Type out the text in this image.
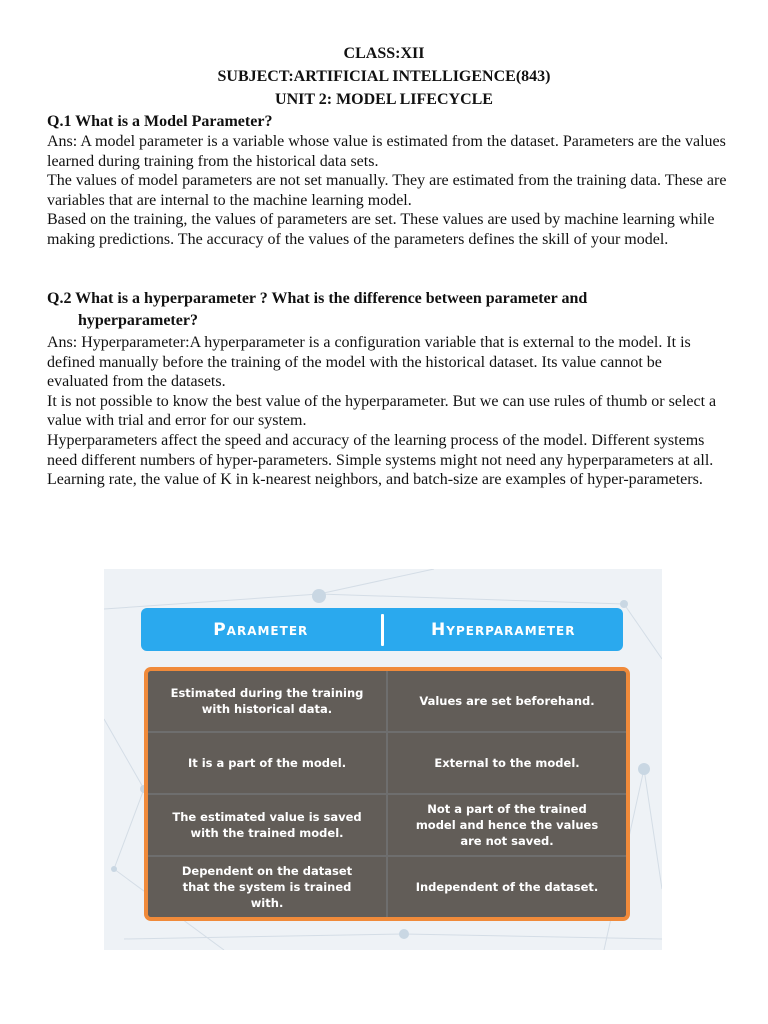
CLASS:XII
SUBJECT:ARTIFICIAL INTELLIGENCE(843)
UNIT 2: MODEL LIFECYCLE
Q.1 What is a Model Parameter?

Ans: A model parameter is a variable whose value is estimated from the dataset. Parameters are the values learned during training from the historical data sets.

The values of model parameters are not set manually. They are estimated from the training data. These are variables that are internal to the machine learning model.

Based on the training, the values of parameters are set. These values are used by machine learning while making predictions. The accuracy of the values of the parameters defines the skill of your model.

Q.2 What is a hyperparameter ? What is the difference between parameter and
hyperparameter?

Ans: Hyperparameter:A hyperparameter is a configuration variable that is external to the model. It is defined manually before the training of the model with the historical dataset. Its value cannot be evaluated from the datasets.

It is not possible to know the best value of the hyperparameter. But we can use rules of thumb or select a value with trial and error for our system.

Hyperparameters affect the speed and accuracy of the learning process of the model. Different systems need different numbers of hyper-parameters. Simple systems might not need any hyperparameters at all.

Learning rate, the value of K in k-nearest neighbors, and batch-size are examples of hyper-parameters.

Parameter	Hyperparameter
Estimated during the training with historical data.
Values are set beforehand.
It is a part of the model.	External to the model.
The estimated value is saved with the trained model.
Not a part of the trained model and hence the values are not saved.
Dependent on the dataset that the system is trained with.
Independent of the dataset.
